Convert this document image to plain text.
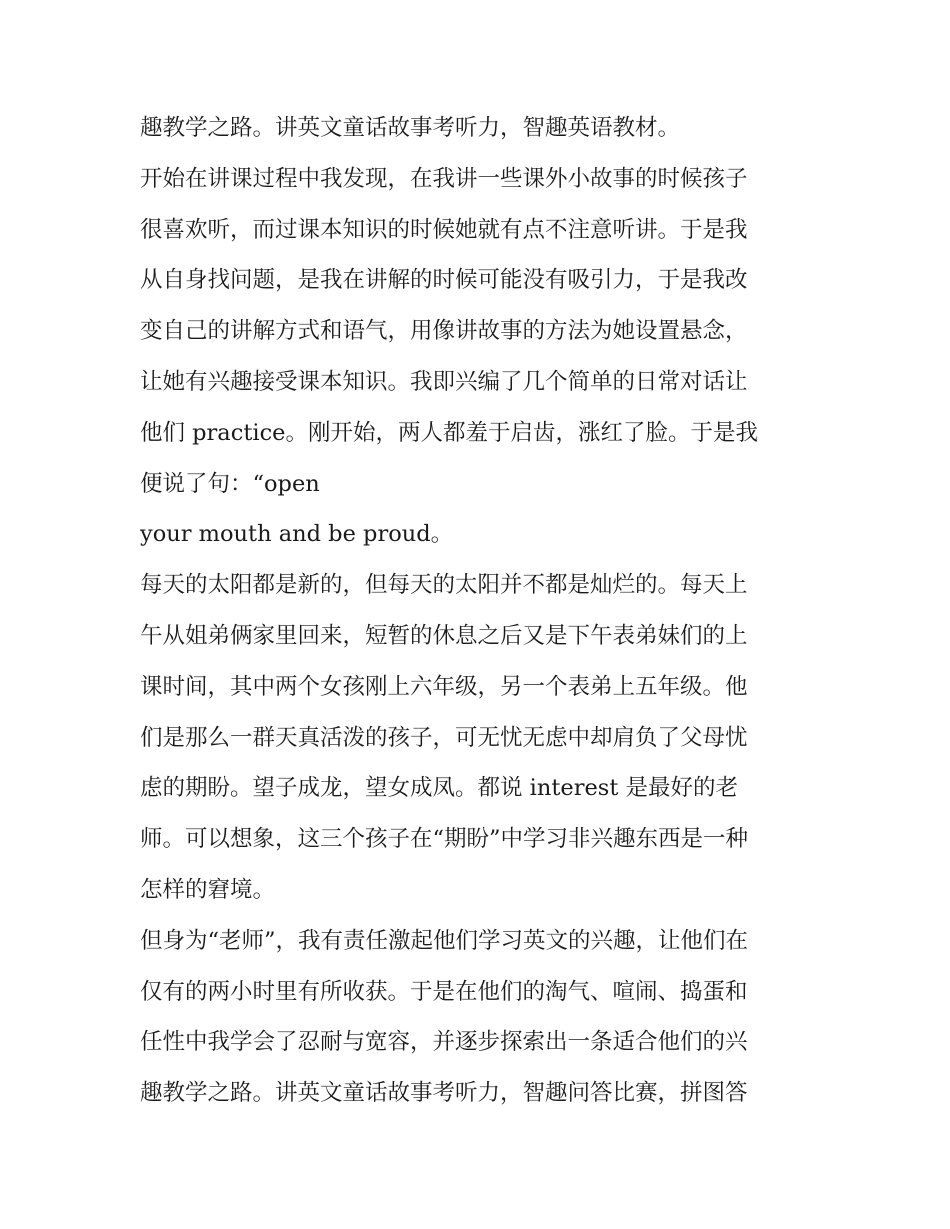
趣教学之路。讲英文童话故事考听力，智趣英语教材。
开始在讲课过程中我发现，在我讲一些课外小故事的时候孩子
很喜欢听，而过课本知识的时候她就有点不注意听讲。于是我
从自身找问题，是我在讲解的时候可能没有吸引力，于是我改
变自己的讲解方式和语气，用像讲故事的方法为她设置悬念，
让她有兴趣接受课本知识。我即兴编了几个简单的日常对话让
他们 practice。刚开始，两人都羞于启齿，涨红了脸。于是我
便说了句：“open
your mouth and be proud。
每天的太阳都是新的，但每天的太阳并不都是灿烂的。每天上
午从姐弟俩家里回来，短暂的休息之后又是下午表弟妹们的上
课时间，其中两个女孩刚上六年级，另一个表弟上五年级。他
们是那么一群天真活泼的孩子，可无忧无虑中却肩负了父母忧
虑的期盼。望子成龙，望女成凤。都说 interest 是最好的老
师。可以想象，这三个孩子在“期盼”中学习非兴趣东西是一种
怎样的窘境。
但身为“老师”，我有责任激起他们学习英文的兴趣，让他们在
仅有的两小时里有所收获。于是在他们的淘气、喧闹、捣蛋和
任性中我学会了忍耐与宽容，并逐步探索出一条适合他们的兴
趣教学之路。讲英文童话故事考听力，智趣问答比赛，拼图答
